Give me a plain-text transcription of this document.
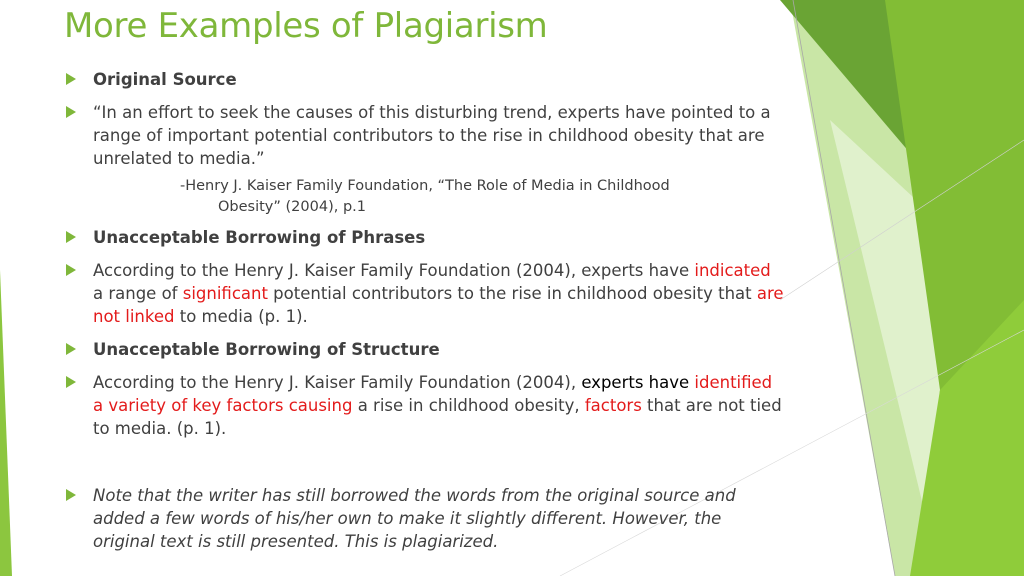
More Examples of Plagiarism
Original Source
“In an effort to seek the causes of this disturbing trend, experts have pointed to a range of important potential contributors to the rise in childhood obesity that are unrelated to media.”
-Henry J. Kaiser Family Foundation, “The Role of Media in Childhood
Obesity” (2004), p.1
Unacceptable Borrowing of Phrases
According to the Henry J. Kaiser Family Foundation (2004), experts have indicated a range of significant potential contributors to the rise in childhood obesity that are not linked to media (p. 1).
Unacceptable Borrowing of Structure
According to the Henry J. Kaiser Family Foundation (2004), experts have identified a variety of key factors causing a rise in childhood obesity, factors that are not tied to media. (p. 1).
Note that the writer has still borrowed the words from the original source and added a few words of his/her own to make it slightly different. However, the original text is still presented. This is plagiarized.
